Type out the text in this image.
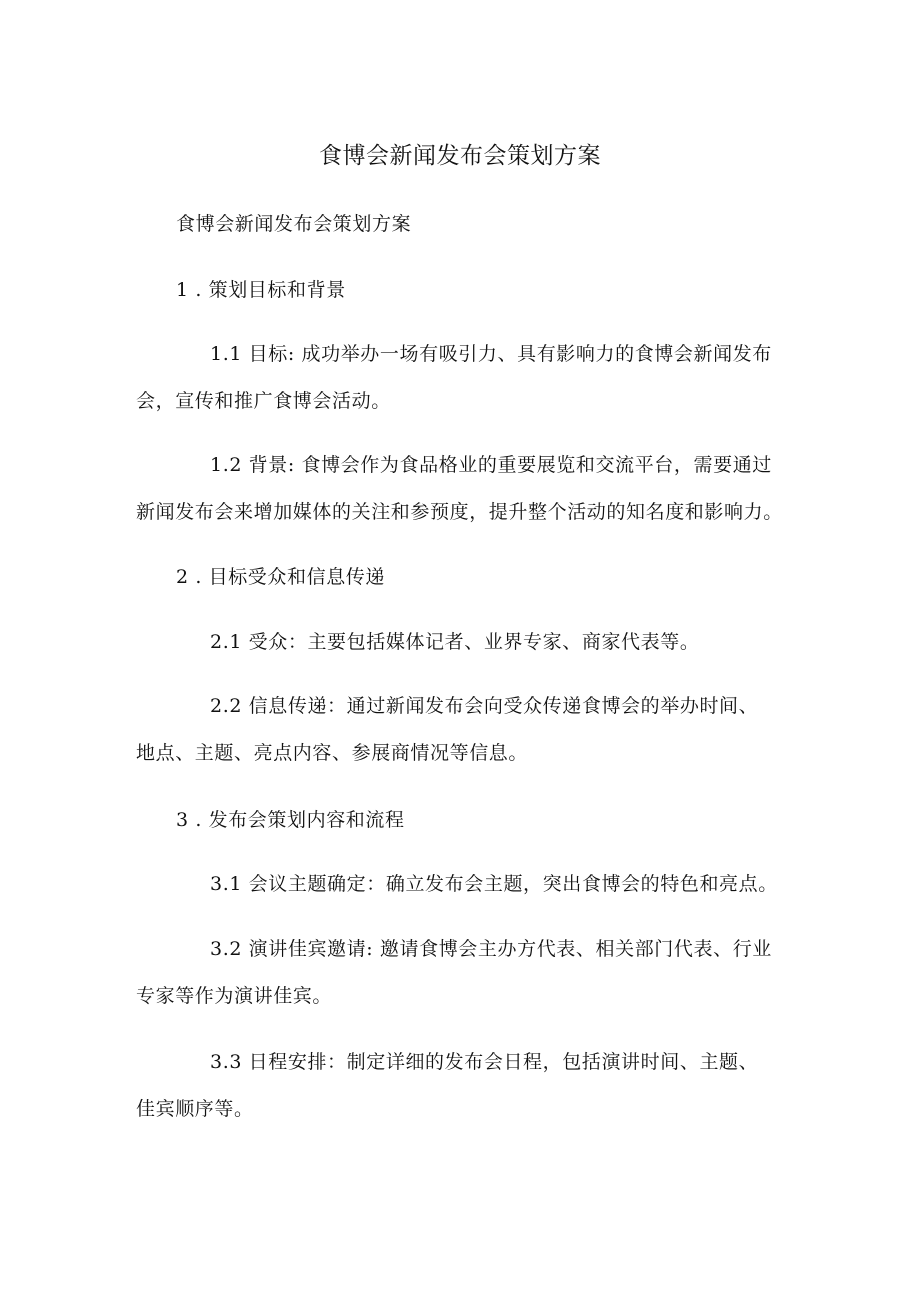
食博会新闻发布会策划方案
食博会新闻发布会策划方案
1 . 策划目标和背景
1.1 目标: 成功举办一场有吸引力、具有影响力的食博会新闻发布
会，宣传和推广食博会活动。
1.2 背景: 食博会作为食品格业的重要展览和交流平台，需要通过
新闻发布会来增加媒体的关注和参预度，提升整个活动的知名度和影响力。
2 . 目标受众和信息传递
2.1 受众：主要包括媒体记者、业界专家、商家代表等。
2.2 信息传递：通过新闻发布会向受众传递食博会的举办时间、
地点、主题、亮点内容、参展商情况等信息。
3 . 发布会策划内容和流程
3.1 会议主题确定：确立发布会主题，突出食博会的特色和亮点。
3.2 演讲佳宾邀请: 邀请食博会主办方代表、相关部门代表、行业
专家等作为演讲佳宾。
3.3 日程安排：制定详细的发布会日程，包括演讲时间、主题、
佳宾顺序等。
